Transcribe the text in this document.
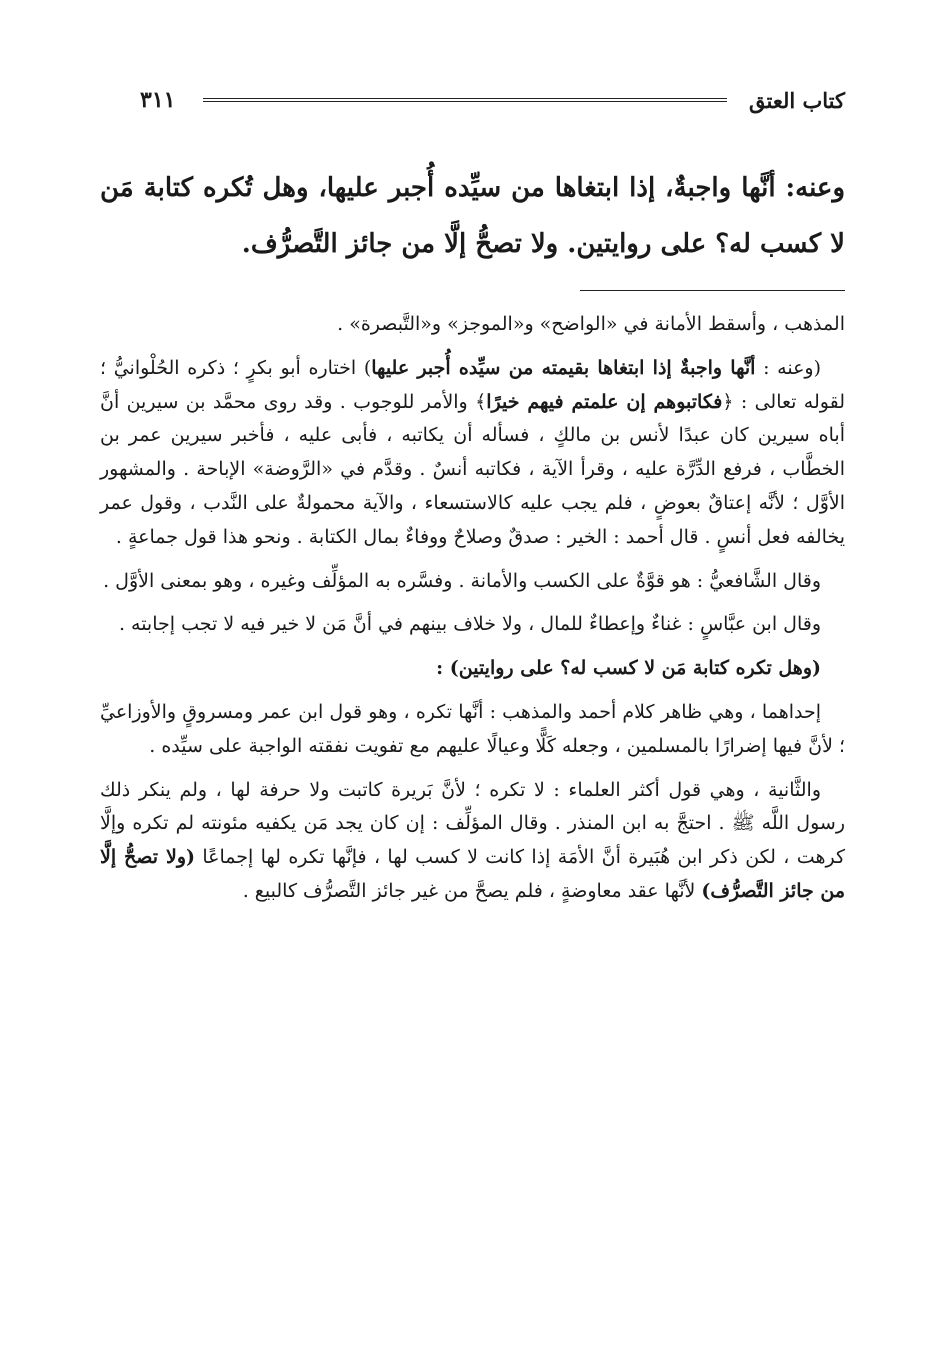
كتاب العتق
٣١١
وعنه: أنَّها واجبةٌ، إذا ابتغاها من سيِّده أُجبر عليها، وهل تُكره كتابة مَن لا كسب له؟ على روايتين. ولا تصحُّ إلَّا من جائز التَّصرُّف.

المذهب ، وأسقط الأمانة في «الواضح» و«الموجز» و«التَّبصرة» .

(وعنه : أنَّها واجبةٌ إذا ابتغاها بقيمته من سيِّده أُجبر عليها) اختاره أبو بكرٍ ؛ ذكره الحُلْوانيُّ ؛ لقوله تعالى : ﴿فكاتبوهم إن علمتم فيهم خيرًا﴾ والأمر للوجوب . وقد روى محمَّد بن سيرين أنَّ أباه سيرين كان عبدًا لأنس بن مالكٍ ، فسأله أن يكاتبه ، فأبى عليه ، فأخبر سيرين عمر بن الخطَّاب ، فرفع الدِّرَّة عليه ، وقرأ الآية ، فكاتبه أنسٌ . وقدَّم في «الرَّوضة» الإباحة . والمشهور الأوَّل ؛ لأنَّه إعتاقٌ بعوضٍ ، فلم يجب عليه كالاستسعاء ، والآية محمولةٌ على النَّدب ، وقول عمر يخالفه فعل أنسٍ . قال أحمد : الخير : صدقٌ وصلاحٌ ووفاءٌ بمال الكتابة . ونحو هذا قول جماعةٍ .

وقال الشَّافعيُّ : هو قوَّةٌ على الكسب والأمانة . وفسَّره به المؤلِّف وغيره ، وهو بمعنى الأوَّل .

وقال ابن عبَّاسٍ : غناءٌ وإعطاءٌ للمال ، ولا خلاف بينهم في أنَّ مَن لا خير فيه لا تجب إجابته .

(وهل تكره كتابة مَن لا كسب له؟ على روايتين) :

إحداهما ، وهي ظاهر كلام أحمد والمذهب : أنَّها تكره ، وهو قول ابن عمر ومسروقٍ والأوزاعيِّ ؛ لأنَّ فيها إضرارًا بالمسلمين ، وجعله كَلًّا وعيالًا عليهم مع تفويت نفقته الواجبة على سيِّده .

والثَّانية ، وهي قول أكثر العلماء : لا تكره ؛ لأنَّ بَريرة كاتبت ولا حرفة لها ، ولم ينكر ذلك رسول اللَّه ﷺ . احتجَّ به ابن المنذر . وقال المؤلِّف : إن كان يجد مَن يكفيه مئونته لم تكره وإلَّا كرهت ، لكن ذكر ابن هُبَيرة أنَّ الأمَة إذا كانت لا كسب لها ، فإنَّها تكره لها إجماعًا (ولا تصحُّ إلَّا من جائز التَّصرُّف) لأنَّها عقد معاوضةٍ ، فلم يصحَّ من غير جائز التَّصرُّف كالبيع .
